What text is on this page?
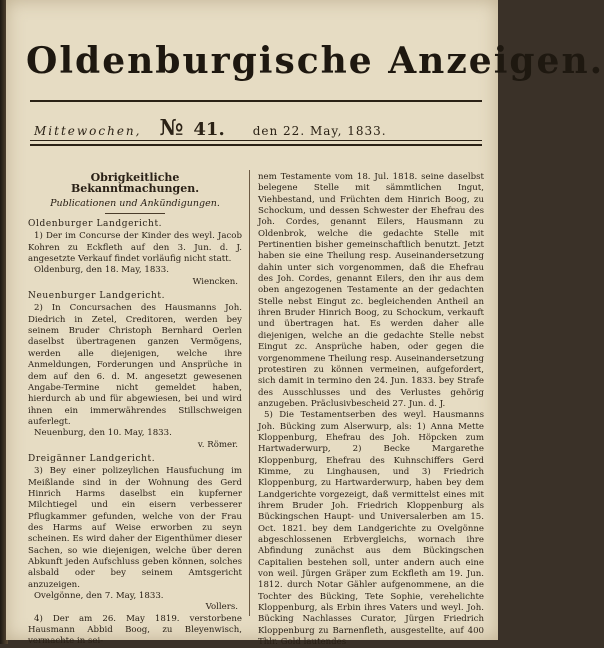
Oldenburgische Anzeigen.
Mittewochen, № 41. den 22. May, 1833.
Obrigkeitliche Bekanntmachungen.
Publicationen und Ankündigungen.
Oldenburger Landgericht.

1) Der im Concurse der Kinder des weyl. Jacob Kohren zu Eckfleth auf den 3. Jun. d. J. angesetzte Verkauf findet vorläufig nicht statt.

Oldenburg, den 18. May, 1833.

Wiencken.

Neuenburger Landgericht.

2) In Concursachen des Hausmanns Joh. Diedrich in Zetel, Creditoren, werden bey seinem Bruder Christoph Bernhard Oerlen daselbst übertragenen ganzen Vermögens, werden alle diejenigen, welche ihre Anmeldungen, Forderungen und Ansprüche in dem auf den 6. d. M. angesetzt gewesenen Angabe-Termine nicht gemeldet haben, hierdurch ab und für abgewiesen, bei und wird ihnen ein immerwährendes Stillschweigen auferlegt.

Neuenburg, den 10. May, 1833.

v. Römer.

Dreigänner Landgericht.

3) Bey einer polizeylichen Hausfuchung im Meißlande sind in der Wohnung des Gerd Hinrich Harms daselbst ein kupferner Milchtiegel und ein eisern verbesserer Pflugkammer gefunden, welche von der Frau des Harms auf Weise erworben zu seyn scheinen. Es wird daher der Eigenthümer dieser Sachen, so wie diejenigen, welche über deren Abkunft jeden Aufschluss geben können, solches alsbald oder bey seinem Amtsgericht anzuzeigen.

Ovelgönne, den 7. May, 1833.

Vollers.

4) Der am 26. May 1819. verstorbene Hausmann Abbid Boog, zu Bleyenwisch, vermachte in sei-

nem Testamente vom 18. Jul. 1818. seine daselbst belegene Stelle mit sämmtlichen Ingut, Viehbestand, und Früchten dem Hinrich Boog, zu Schockum, und dessen Schwester der Ehefrau des Joh. Cordes, genannt Eilers, Hausmann zu Oldenbrok, welche die gedachte Stelle mit Pertinentien bisher gemeinschaftlich benutzt. Jetzt haben sie eine Theilung resp. Auseinandersetzung dahin unter sich vorgenommen, daß die Ehefrau des Joh. Cordes, genannt Eilers, den ihr aus dem oben angezogenen Testamente an der gedachten Stelle nebst Eingut zc. begleichenden Antheil an ihren Bruder Hinrich Boog, zu Schockum, verkauft und übertragen hat. Es werden daher alle diejenigen, welche an die gedachte Stelle nebst Eingut zc. Ansprüche haben, oder gegen die vorgenommene Theilung resp. Auseinandersetzung protestiren zu können vermeinen, aufgefordert, sich damit in termino den 24. Jun. 1833. bey Strafe des Ausschlusses und des Verlustes gehörig anzugeben. Präclusivbescheid 27. Jun. d. J.

5) Die Testamentserben des weyl. Hausmanns Joh. Bücking zum Alserwurp, als: 1) Anna Mette Kloppenburg, Ehefrau des Joh. Höpcken zum Hartwaderwurp, 2) Becke Margarethe Kloppenburg, Ehefrau des Kuhnschiffers Gerd Kimme, zu Linghausen, und 3) Friedrich Kloppenburg, zu Hartwarderwurp, haben bey dem Landgerichte vorgezeigt, daß vermittelst eines mit ihrem Bruder Joh. Friedrich Kloppenburg als Bückingschen Haupt- und Universalerben am 15. Oct. 1821. bey dem Landgerichte zu Ovelgönne abgeschlossenen Erbvergleichs, wornach ihre Abfindung zunächst aus dem Bückingschen Capitalien bestehen soll, unter andern auch eine von weil. Jürgen Gräper zum Eckfleth am 19. Jun. 1812. durch Notar Gähler aufgenommene, an die Tochter des Bücking, Tete Sophie, verehelichte Kloppenburg, als Erbin ihres Vaters und weyl. Joh. Bücking Nachlasses Curator, Jürgen Friedrich Kloppenburg zu Barnenfleth, ausgestellte, auf 400 Thlr. Gold lautendes
